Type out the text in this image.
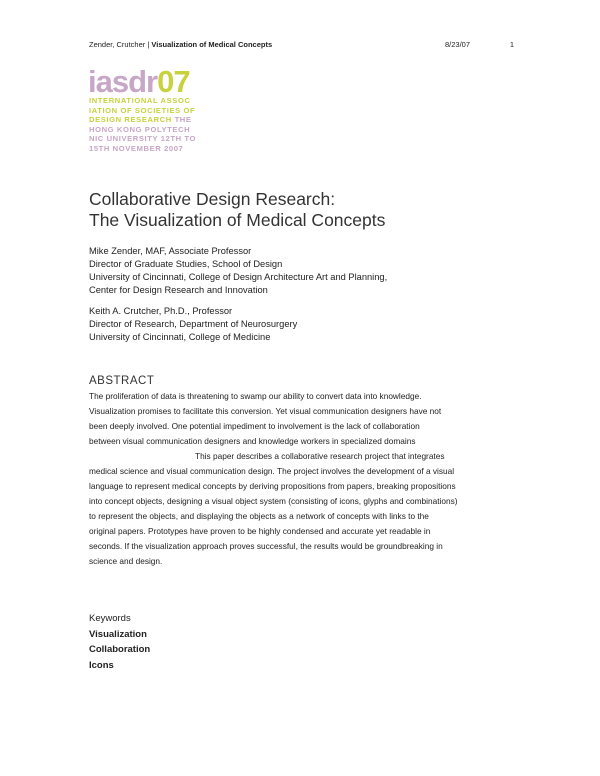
Zender, Crutcher | Visualization of Medical Concepts	8/23/07	1
iasdr07
INTERNATIONAL ASSOC
IATION OF SOCIETIES OF
DESIGN RESEARCH THE
HONG KONG POLYTECH
NIC UNIVERSITY 12TH TO
15TH NOVEMBER 2007
Collaborative Design Research:
The Visualization of Medical Concepts
Mike Zender, MAF, Associate Professor
Director of Graduate Studies, School of Design
University of Cincinnati, College of Design Architecture Art and Planning,
Center for Design Research and Innovation
Keith A. Crutcher, Ph.D., Professor
Director of Research, Department of Neurosurgery
University of Cincinnati, College of Medicine
ABSTRACT
The proliferation of data is threatening to swamp our ability to convert data into knowledge.
Visualization promises to facilitate this conversion. Yet visual communication designers have not
been deeply involved. One potential impediment to involvement is the lack of collaboration
between visual communication designers and knowledge workers in specialized domains
This paper describes a collaborative research project that integrates
medical science and visual communication design. The project involves the development of a visual
language to represent medical concepts by deriving propositions from papers, breaking propositions
into concept objects, designing a visual object system (consisting of icons, glyphs and combinations)
to represent the objects, and displaying the objects as a network of concepts with links to the
original papers. Prototypes have proven to be highly condensed and accurate yet readable in
seconds. If the visualization approach proves successful, the results would be groundbreaking in
science and design.
Keywords
Visualization
Collaboration
Icons
